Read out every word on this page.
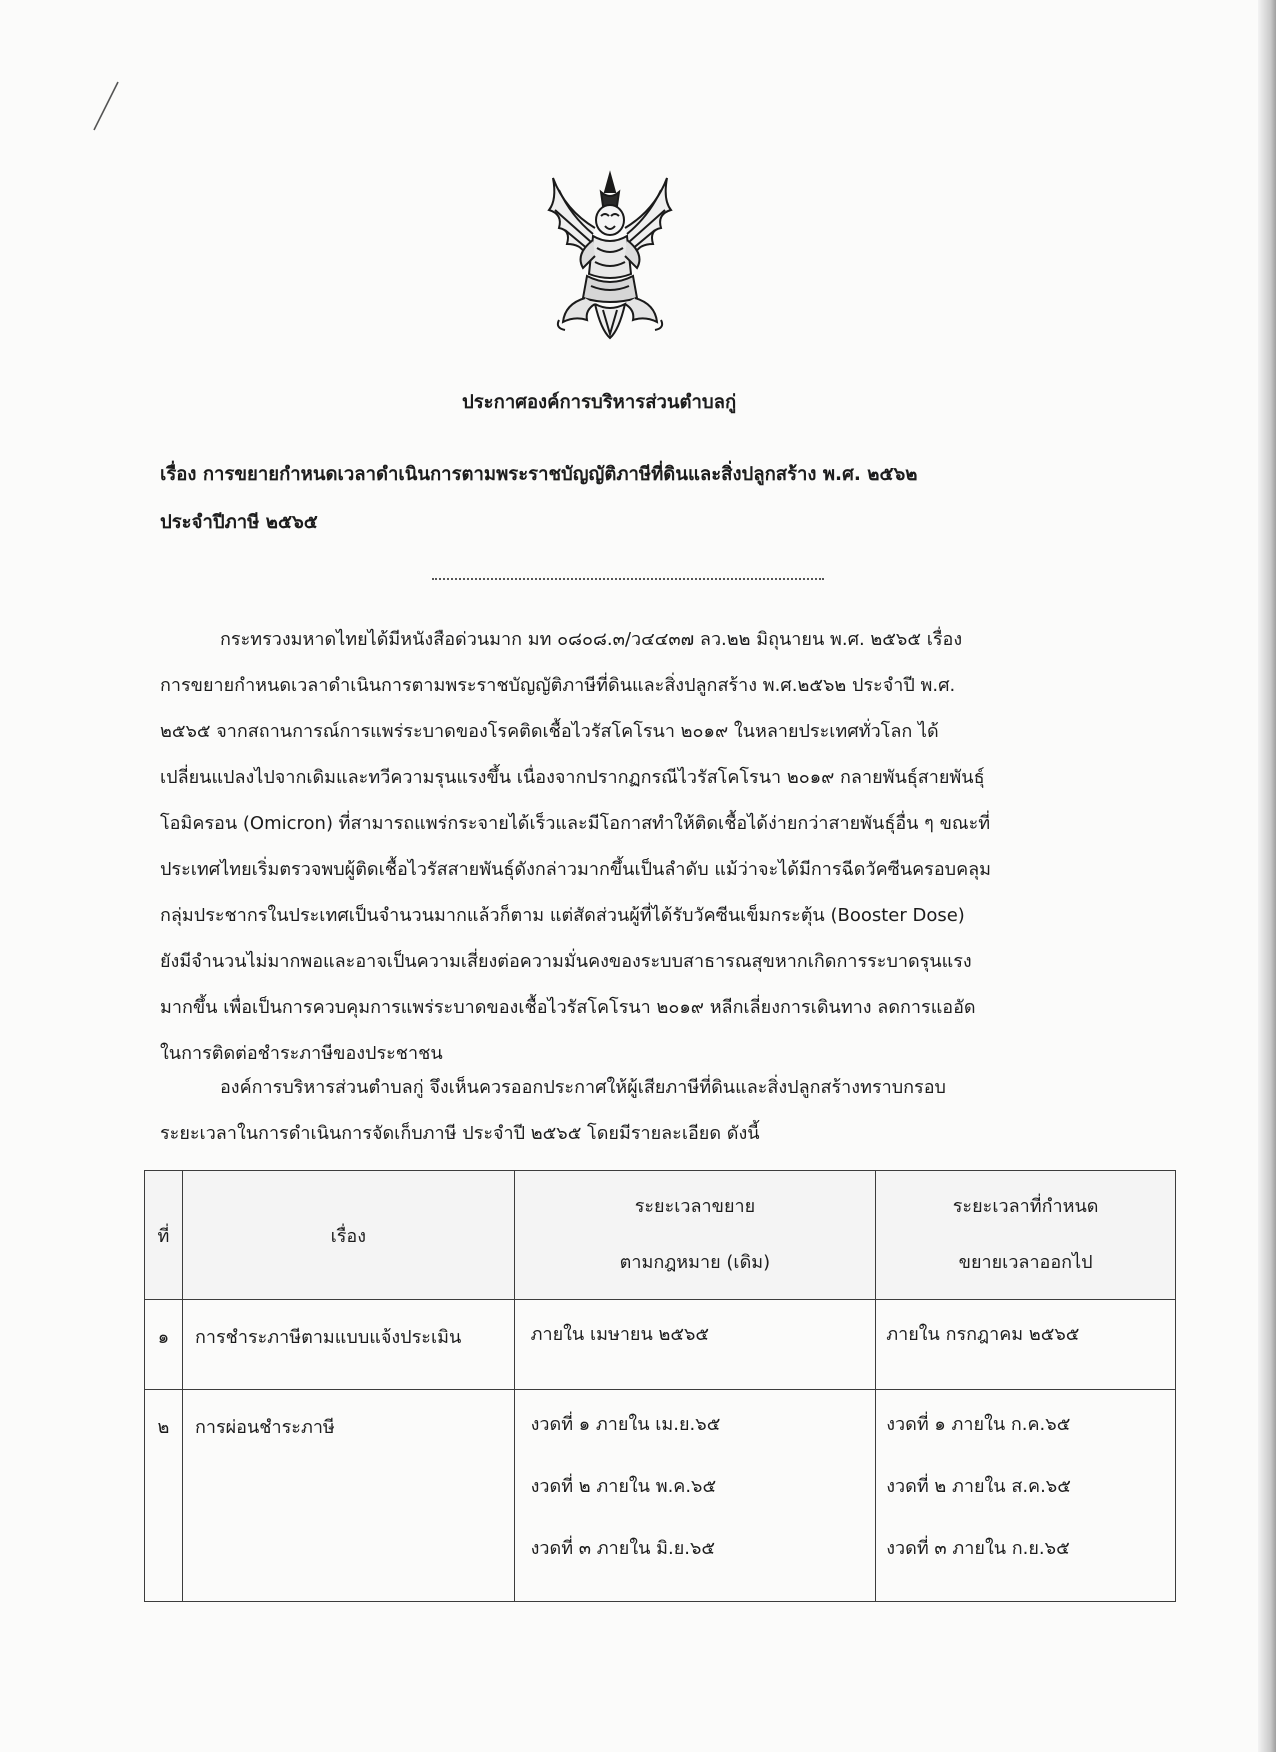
ประกาศองค์การบริหารส่วนตำบลกู่
เรื่อง การขยายกำหนดเวลาดำเนินการตามพระราชบัญญัติภาษีที่ดินและสิ่งปลูกสร้าง พ.ศ. ๒๕๖๒
ประจำปีภาษี ๒๕๖๕
กระทรวงมหาดไทยได้มีหนังสือด่วนมาก มท ๐๘๐๘.๓/ว๔๔๓๗ ลว.๒๒ มิถุนายน พ.ศ. ๒๕๖๕ เรื่อง
การขยายกำหนดเวลาดำเนินการตามพระราชบัญญัติภาษีที่ดินและสิ่งปลูกสร้าง พ.ศ.๒๕๖๒ ประจำปี พ.ศ.
๒๕๖๕ จากสถานการณ์การแพร่ระบาดของโรคติดเชื้อไวรัสโคโรนา ๒๐๑๙ ในหลายประเทศทั่วโลก ได้
เปลี่ยนแปลงไปจากเดิมและทวีความรุนแรงขึ้น เนื่องจากปรากฏกรณีไวรัสโคโรนา ๒๐๑๙ กลายพันธุ์สายพันธุ์
โอมิครอน (Omicron) ที่สามารถแพร่กระจายได้เร็วและมีโอกาสทำให้ติดเชื้อได้ง่ายกว่าสายพันธุ์อื่น ๆ ขณะที่
ประเทศไทยเริ่มตรวจพบผู้ติดเชื้อไวรัสสายพันธุ์ดังกล่าวมากขึ้นเป็นลำดับ แม้ว่าจะได้มีการฉีดวัคซีนครอบคลุม
กลุ่มประชากรในประเทศเป็นจำนวนมากแล้วก็ตาม แต่สัดส่วนผู้ที่ได้รับวัคซีนเข็มกระตุ้น (Booster Dose)
ยังมีจำนวนไม่มากพอและอาจเป็นความเสี่ยงต่อความมั่นคงของระบบสาธารณสุขหากเกิดการระบาดรุนแรง
มากขึ้น เพื่อเป็นการควบคุมการแพร่ระบาดของเชื้อไวรัสโคโรนา ๒๐๑๙ หลีกเลี่ยงการเดินทาง ลดการแออัด
ในการติดต่อชำระภาษีของประชาชน
องค์การบริหารส่วนตำบลกู่ จึงเห็นควรออกประกาศให้ผู้เสียภาษีที่ดินและสิ่งปลูกสร้างทราบกรอบ
ระยะเวลาในการดำเนินการจัดเก็บภาษี ประจำปี ๒๕๖๕ โดยมีรายละเอียด ดังนี้
ที่	เรื่อง	ระยะเวลาขยาย
ตามกฎหมาย (เดิม)	ระยะเวลาที่กำหนด
ขยายเวลาออกไป

๑	การชำระภาษีตามแบบแจ้งประเมิน	ภายใน เมษายน ๒๕๖๕	ภายใน กรกฎาคม ๒๕๖๕

๒	การผ่อนชำระภาษี	งวดที่ ๑ ภายใน เม.ย.๖๕
งวดที่ ๒ ภายใน พ.ค.๖๕
งวดที่ ๓ ภายใน มิ.ย.๖๕	งวดที่ ๑ ภายใน ก.ค.๖๕
งวดที่ ๒ ภายใน ส.ค.๖๕
งวดที่ ๓ ภายใน ก.ย.๖๕
